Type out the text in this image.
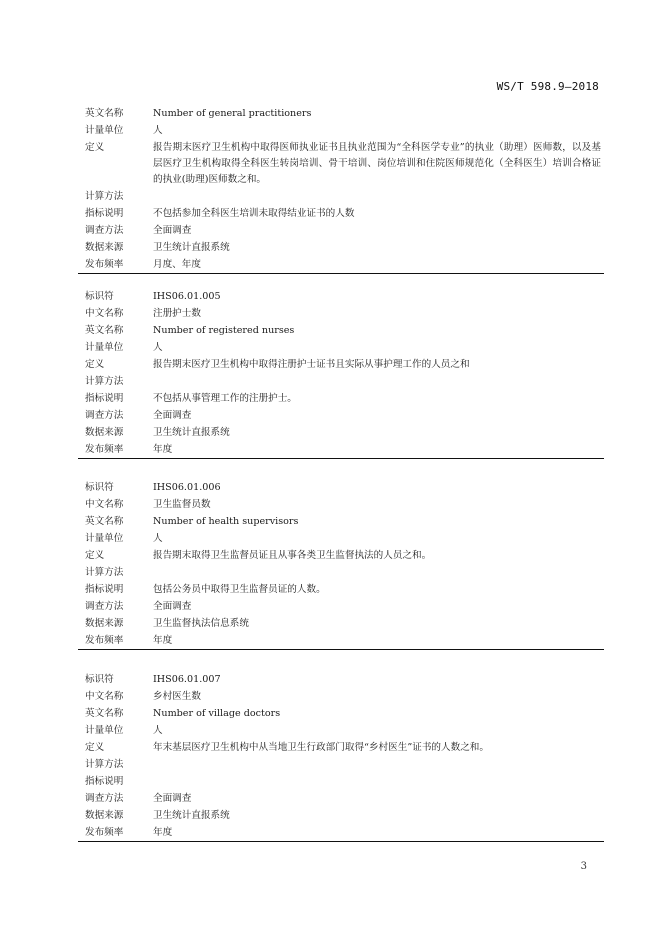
WS/T 598.9—2018
英文名称	Number of general practitioners
计量单位	人
定义	报告期末医疗卫生机构中取得医师执业证书且执业范围为“全科医学专业”的执业（助理）医师数，以及基层医疗卫生机构取得全科医生转岗培训、骨干培训、岗位培训和住院医师规范化（全科医生）培训合格证的执业(助理)医师数之和。
计算方法
指标说明	不包括参加全科医生培训未取得结业证书的人数
调查方法	全面调查
数据来源	卫生统计直报系统
发布频率	月度、年度
标识符	IHS06.01.005
中文名称	注册护士数
英文名称	Number of registered nurses
计量单位	人
定义	报告期末医疗卫生机构中取得注册护士证书且实际从事护理工作的人员之和
计算方法
指标说明	不包括从事管理工作的注册护士。
调查方法	全面调查
数据来源	卫生统计直报系统
发布频率	年度
标识符	IHS06.01.006
中文名称	卫生监督员数
英文名称	Number of health supervisors
计量单位	人
定义	报告期末取得卫生监督员证且从事各类卫生监督执法的人员之和。
计算方法
指标说明	包括公务员中取得卫生监督员证的人数。
调查方法	全面调查
数据来源	卫生监督执法信息系统
发布频率	年度
标识符	IHS06.01.007
中文名称	乡村医生数
英文名称	Number of village doctors
计量单位	人
定义	年末基层医疗卫生机构中从当地卫生行政部门取得“乡村医生”证书的人数之和。
计算方法
指标说明
调查方法	全面调查
数据来源	卫生统计直报系统
发布频率	年度
3
